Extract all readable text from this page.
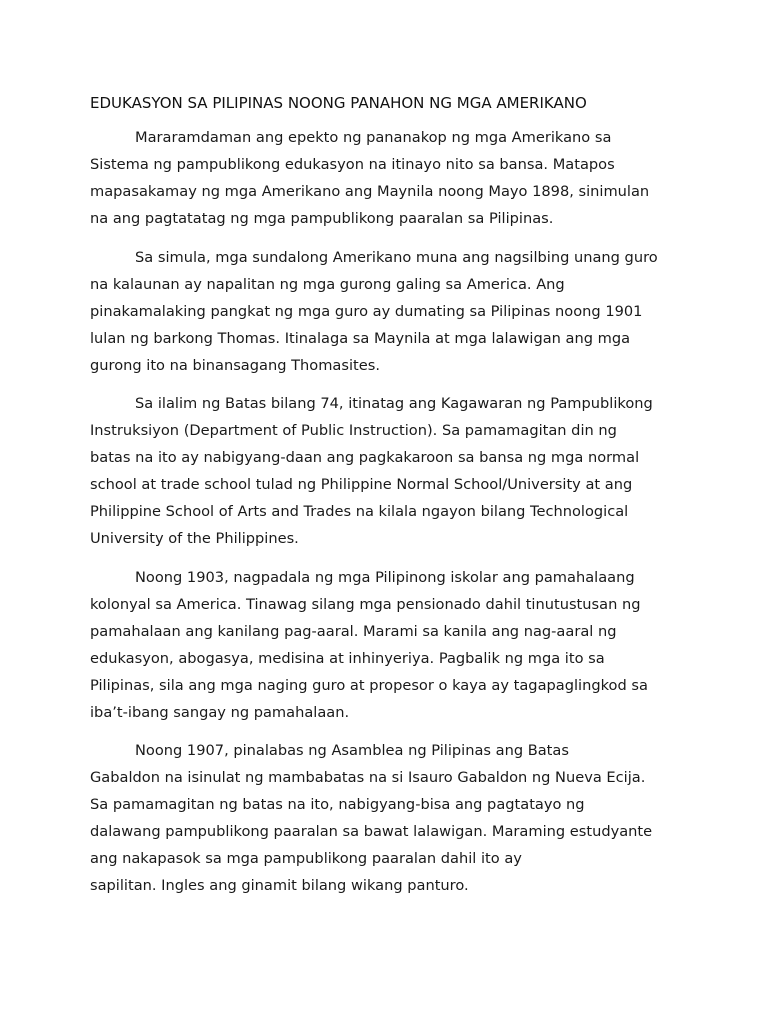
EDUKASYON SA PILIPINAS NOONG PANAHON NG MGA AMERIKANO
Mararamdaman ang epekto ng pananakop ng mga Amerikano sa
Sistema ng pampublikong edukasyon na itinayo nito sa bansa. Matapos
mapasakamay ng mga Amerikano ang Maynila noong Mayo 1898, sinimulan
na ang pagtatatag ng mga pampublikong paaralan sa Pilipinas.
Sa simula, mga sundalong Amerikano muna ang nagsilbing unang guro
na kalaunan ay napalitan ng mga gurong galing sa America. Ang
pinakamalaking pangkat ng mga guro ay dumating sa Pilipinas noong 1901
lulan ng barkong Thomas. Itinalaga sa Maynila at mga lalawigan ang mga
gurong ito na binansagang Thomasites.
Sa ilalim ng Batas bilang 74, itinatag ang Kagawaran ng Pampublikong
Instruksiyon (Department of Public Instruction). Sa pamamagitan din ng
batas na ito ay nabigyang-daan ang pagkakaroon sa bansa ng mga normal
school at trade school tulad ng Philippine Normal School/University at ang
Philippine School of Arts and Trades na kilala ngayon bilang Technological
University of the Philippines.
Noong 1903, nagpadala ng mga Pilipinong iskolar ang pamahalaang
kolonyal sa America. Tinawag silang mga pensionado dahil tinutustusan ng
pamahalaan ang kanilang pag-aaral. Marami sa kanila ang nag-aaral ng
edukasyon, abogasya, medisina at inhinyeriya. Pagbalik ng mga ito sa
Pilipinas, sila ang mga naging guro at propesor o kaya ay tagapaglingkod sa
iba’t-ibang sangay ng pamahalaan.
Noong 1907, pinalabas ng Asamblea ng Pilipinas ang Batas
Gabaldon na isinulat ng mambabatas na si Isauro Gabaldon ng Nueva Ecija.
Sa pamamagitan ng batas na ito, nabigyang-bisa ang pagtatayo ng
dalawang pampublikong paaralan sa bawat lalawigan. Maraming estudyante
ang nakapasok sa mga pampublikong paaralan dahil ito ay
sapilitan. Ingles ang ginamit bilang wikang panturo.
